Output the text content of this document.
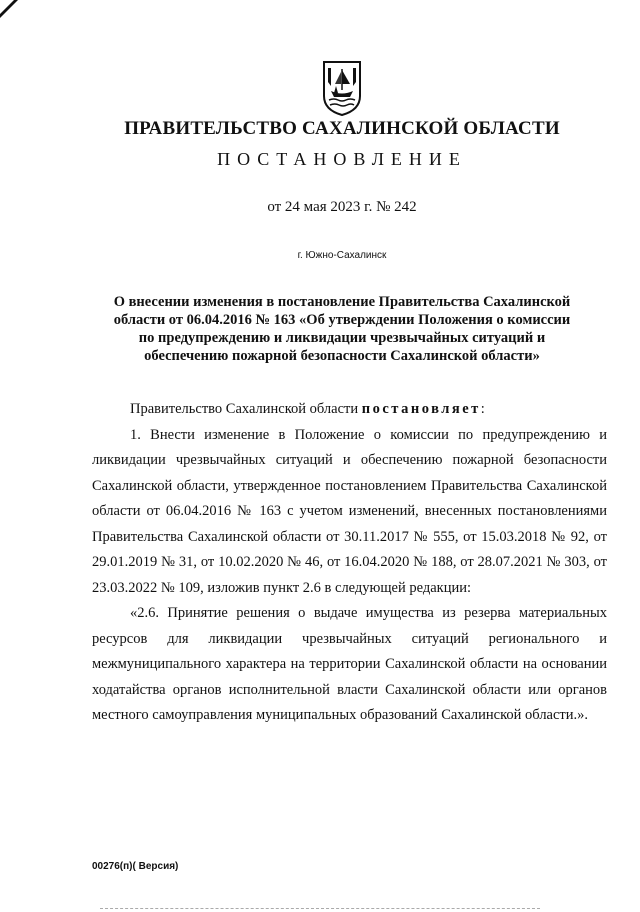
ПРАВИТЕЛЬСТВО САХАЛИНСКОЙ ОБЛАСТИ
ПОСТАНОВЛЕНИЕ
от 24 мая 2023 г. № 242
г. Южно-Сахалинск
О внесении изменения в постановление Правительства Сахалинской
области от 06.04.2016 № 163 «Об утверждении Положения о комиссии
по предупреждению и ликвидации чрезвычайных ситуаций и
обеспечению пожарной безопасности Сахалинской области»

Правительство Сахалинской области постановляет:

1. Внести изменение в Положение о комиссии по предупреждению и ликвидации чрезвычайных ситуаций и обеспечению пожарной безопасности Сахалинской области, утвержденное постановлением Правительства Сахалинской области от 06.04.2016 № 163 с учетом изменений, внесенных постановлениями Правительства Сахалинской области от 30.11.2017 № 555, от 15.03.2018 № 92, от 29.01.2019 № 31, от 10.02.2020 № 46, от 16.04.2020 № 188, от 28.07.2021 № 303, от 23.03.2022 № 109, изложив пункт 2.6 в следующей редакции:

«2.6. Принятие решения о выдаче имущества из резерва материальных ресурсов для ликвидации чрезвычайных ситуаций регионального и межмуниципального характера на территории Сахалинской области на основании ходатайства органов исполнительной власти Сахалинской области или органов местного самоуправления муниципальных образований Сахалинской области.».

00276(п)( Версия)
